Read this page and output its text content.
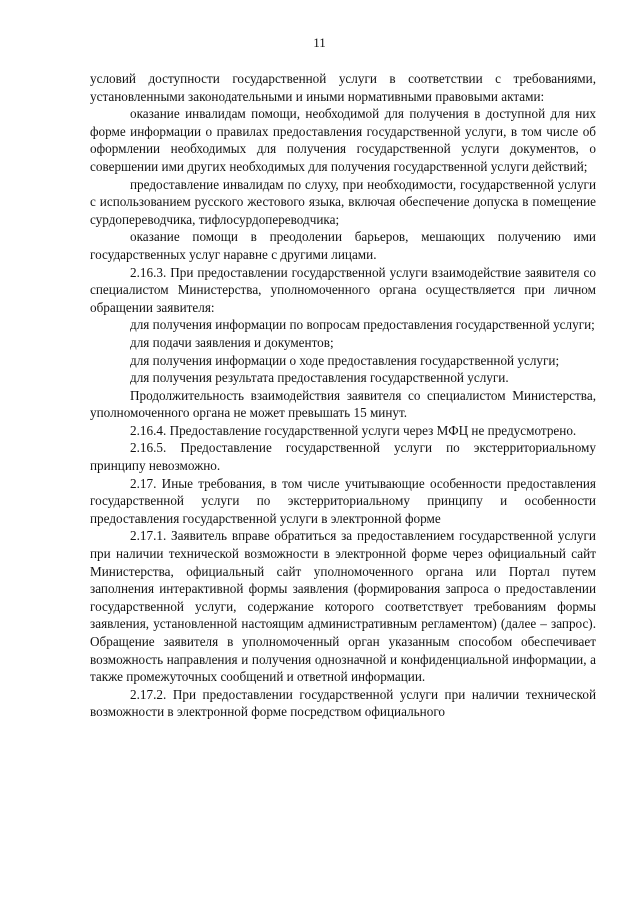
11

условий доступности государственной услуги в соответствии с требованиями, установленными законодательными и иными нормативными правовыми актами:

оказание инвалидам помощи, необходимой для получения в доступной для них форме информации о правилах предоставления государственной услуги, в том числе об оформлении необходимых для получения государственной услуги документов, о совершении ими других необходимых для получения государственной услуги действий;

предоставление инвалидам по слуху, при необходимости, государственной услуги с использованием русского жестового языка, включая обеспечение допуска в помещение сурдопереводчика, тифлосурдопереводчика;

оказание помощи в преодолении барьеров, мешающих получению ими государственных услуг наравне с другими лицами.

2.16.3. При предоставлении государственной услуги взаимодействие заявителя со специалистом Министерства, уполномоченного органа осуществляется при личном обращении заявителя:

для получения информации по вопросам предоставления государственной услуги;

для подачи заявления и документов;

для получения информации о ходе предоставления государственной услуги;

для получения результата предоставления государственной услуги.

Продолжительность взаимодействия заявителя со специалистом Министерства, уполномоченного органа не может превышать 15 минут.

2.16.4. Предоставление государственной услуги через МФЦ не предусмотрено.

2.16.5. Предоставление государственной услуги по экстерриториальному принципу невозможно.

2.17. Иные требования, в том числе учитывающие особенности предоставления государственной услуги по экстерриториальному принципу и особенности предоставления государственной услуги в электронной форме

2.17.1. Заявитель вправе обратиться за предоставлением государственной услуги при наличии технической возможности в электронной форме через официальный сайт Министерства, официальный сайт уполномоченного органа или Портал путем заполнения интерактивной формы заявления (формирования запроса о предоставлении государственной услуги, содержание которого соответствует требованиям формы заявления, установленной настоящим административным регламентом) (далее – запрос). Обращение заявителя в уполномоченный орган указанным способом обеспечивает возможность направления и получения однозначной и конфиденциальной информации, а также промежуточных сообщений и ответной информации.

2.17.2. При предоставлении государственной услуги при наличии технической возможности в электронной форме посредством официального
